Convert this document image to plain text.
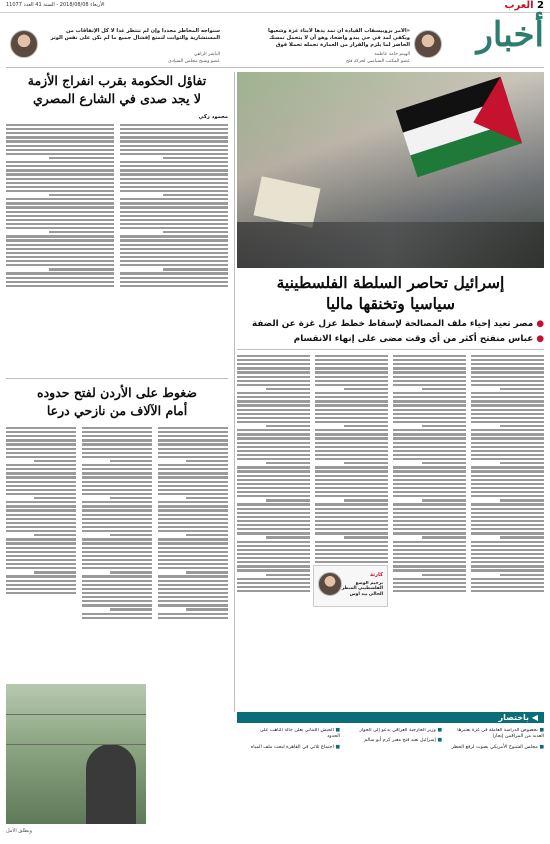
2 العرب
الأربعاء 2018/08/08 - السنة 41 العدد 11077
أخبار
«الأمر بروبيسفاب القيادة أن تمد يدها لأبناء غزة وشعبها ويكفي لمد في حي يبدو واضحا، وهو أن لا يتحمل تمسك الحاضر لما يلزم والقرار من العمارة تحمله تحملا فوق
الهيتم حامد عاطمة
عضو المكتب السياسي لحركة فتح
سنواجه المخاطر مجددا وإن لم ننتظر غدا لا كل الإتفاقات من المستشارية والثوابت لتمنع إفشال جميع ما لم نكن على نفس الوتر
الباشر الزاهي
عضو وشيخ مجلس السيادي
إسرائيل تحاصر السلطة الفلسطينية
سياسيا وتخنقها ماليا
● مصر تعيد إحياء ملف المصالحة لإسقاط خطط عزل غزة عن الضفة
● عباس منفتح أكثر من أي وقت مضى على إنهاء الانقسام
كارثة
ترحيم الوضع الفلسطيني المنظر الحالي بيد اوس
تفاؤل الحكومة بقرب انفراج الأزمة
لا يجد صدى في الشارع المصري
محمود زكي
ضغوط على الأردن لفتح حدوده
أمام الآلاف من نازحي درعا
ويطلق الأمل
◀ باختصار

■ بخصوص الدراسة العاملة في غزة يعتبرها العديد من المراقبين إنجازا

■ مجلس الشيوخ الأمريكي يصوت لرفع الحظر

■ وزير الخارجية العراقي يدعو إلى الحوار

■ إسرائيل تعيد فتح معبر كرم أبو سالم

■ الجيش اللبناني يعلن حالة التأهب على الحدود

■ اجتماع ثلاثي في القاهرة لبحث ملف المياه
